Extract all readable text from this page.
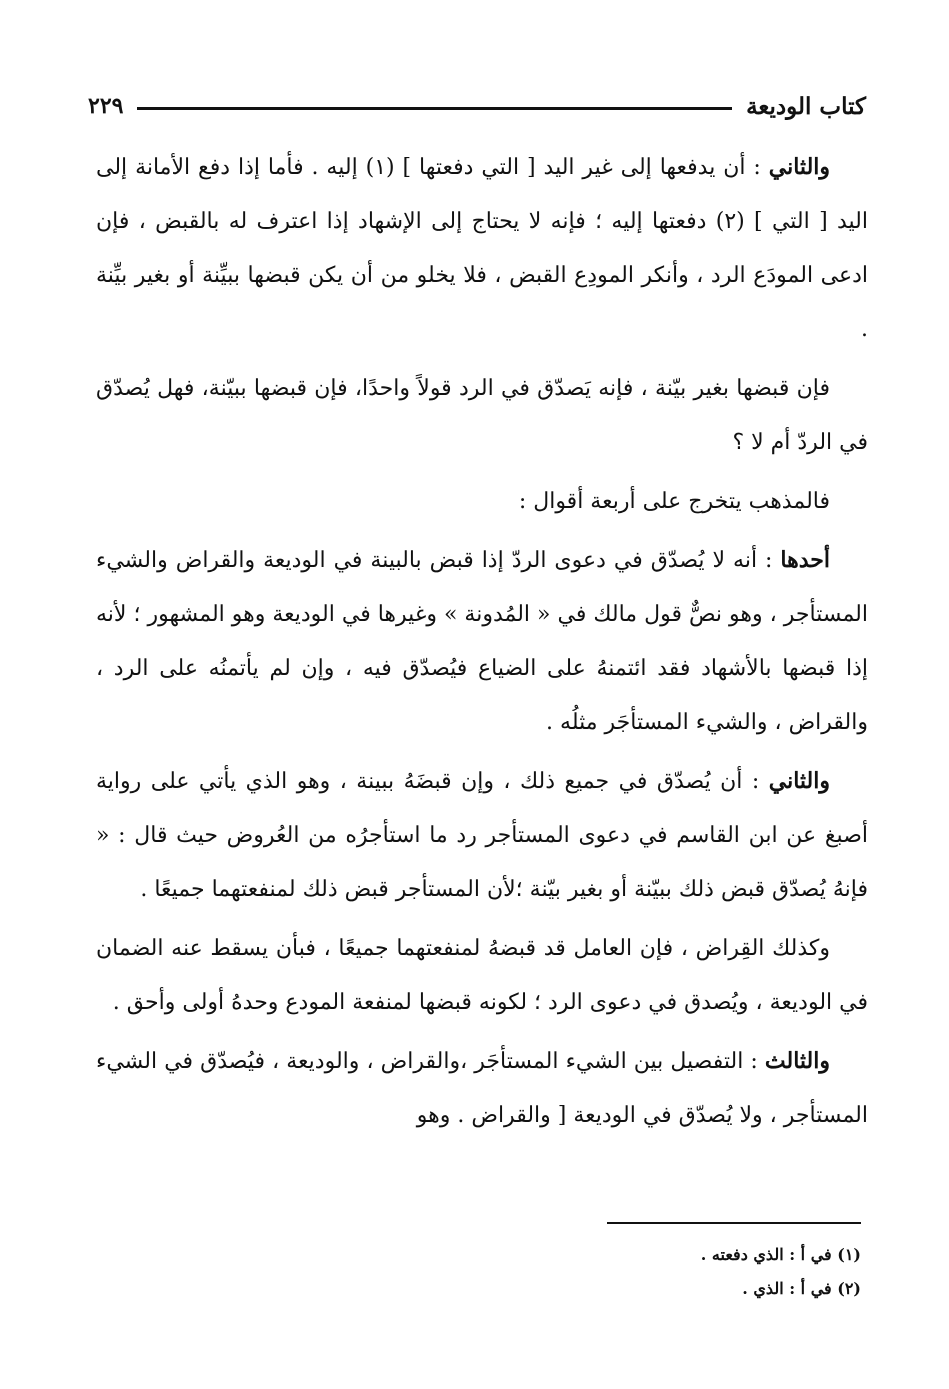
كتاب الوديعة
٢٢٩

والثاني : أن يدفعها إلى غير اليد [ التي دفعتها ] (١) إليه . فأما إذا دفع الأمانة إلى اليد [ التي ] (٢) دفعتها إليه ؛ فإنه لا يحتاج إلى الإشهاد إذا اعترف له بالقبض ، فإن ادعى المودَع الرد ، وأنكر المودِع القبض ، فلا يخلو من أن يكن قبضها ببيِّنة أو بغير بيِّنة .

فإن قبضها بغير بيّنة ، فإنه يَصدّق في الرد قولاً واحدًا، فإن قبضها ببيّنة، فهل يُصدّق في الردّ أم لا ؟

فالمذهب يتخرج على أربعة أقوال :

أحدها : أنه لا يُصدّق في دعوى الردّ إذا قبض بالبينة في الوديعة والقراض والشيء المستأجر ، وهو نصٌّ قول مالك في « المُدونة » وغيرها في الوديعة وهو المشهور ؛ لأنه إذا قبضها بالأشهاد فقد ائتمنهُ على الضياع فيُصدّق فيه ، وإن لم يأتمنُه على الرد ، والقراض ، والشيء المستأجَر مثلُه .

والثاني : أن يُصدّق في جميع ذلك ، وإن قبضَهُ ببينة ، وهو الذي يأتي على رواية أصبغ عن ابن القاسم في دعوى المستأجر رد ما استأجرُه من العُروض حيث قال : « فإنهُ يُصدّق قبض ذلك ببيّنة أو بغير بيّنة ؛لأن المستأجر قبض ذلك لمنفعتهما جميعًا .

وكذلك القِراض ، فإن العامل قد قبضهُ لمنفعتهما جميعًا ، فبأن يسقط عنه الضمان في الوديعة ، ويُصدق في دعوى الرد ؛ لكونه قبضها لمنفعة المودع وحدهُ أولى وأحق .

والثالث : التفصيل بين الشيء المستأجَر ،والقراض ، والوديعة ، فيُصدّق في الشيء المستأجر ، ولا يُصدّق في الوديعة [ والقراض . وهو

(١) في أ : الذي دفعته .

(٢) في أ : الذي .
